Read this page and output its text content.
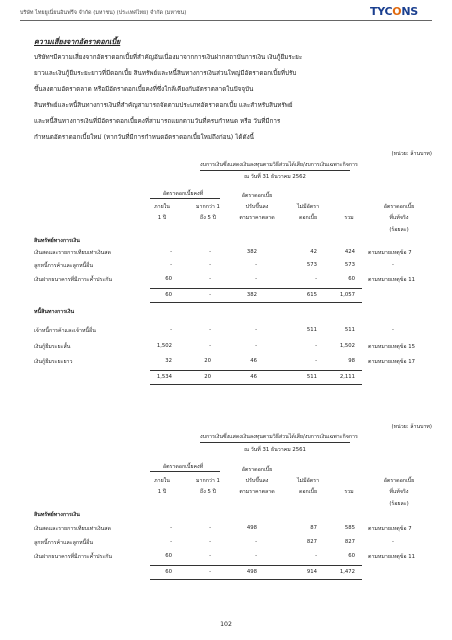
บริษัท ไทยยูเนี่ยนอินฟรีจ จำกัด (มหาชน) (ประเทศไทย) จำกัด (มหาชน)	TYCONS
ความเสี่ยงจากอัตราดอกเบี้ย
บริษัทฯมีความเสี่ยงจากอัตราดอกเบี้ยที่สำคัญอันเนื่องมาจากการเงินฝากสถาบันการเงิน เงินกู้ยืมระยะ
ยาวและเงินกู้ยืมระยะยาวที่มีดอกเบี้ย สินทรัพย์และหนี้สินทางการเงินส่วนใหญ่มีอัตราดอกเบี้ยที่ปรับ
ขึ้นลงตามอัตราตลาด หรือมีอัตราดอกเบี้ยคงที่ซึ่งใกล้เคียงกับอัตราตลาดในปัจจุบัน
สินทรัพย์และหนี้สินทางการเงินที่สำคัญสามารถจัดตามประเภทอัตราดอกเบี้ย และสำหรับสินทรัพย์
และหนี้สินทางการเงินที่มีอัตราดอกเบี้ยคงที่สามารถแยกตามวันที่ครบกำหนด หรือ วันที่มีการ
กำหนดอัตราดอกเบี้ยใหม่ (หากวันที่มีการกำหนดอัตราดอกเบี้ยใหม่ถึงก่อน) ได้ดังนี้
(หน่วย: ล้านบาท)
งบการเงินซึ่งแสดงเงินลงทุนตามวิธีส่วนได้เสีย/งบการเงินเฉพาะกิจการ
ณ วันที่ 31 ธันวาคม 2562
อัตราดอกเบี้ยคงที่	อัตราดอกเบี้ย
ปรับขึ้นลง
ตามราคาตลาด
ภายใน
1 ปี
มากกว่า 1
ถึง 5 ปี
ไม่มีอัตรา
ดอกเบี้ย	รวม
อัตราดอกเบี้ย
ที่แท้จริง
(ร้อยละ)
สินทรัพย์ทางการเงิน
เงินสดและรายการเทียบเท่าเงินสด	-	-	382	42	424 ตามหมายเหตุข้อ 7
ลูกหนี้การค้าและลูกหนี้อื่น	-	-	-	573	573	-
เงินฝากธนาคารที่มีภาระค้ำประกัน	60	-	-	-	60 ตามหมายเหตุข้อ 11
60	-	382	615	1,057
หนี้สินทางการเงิน
เจ้าหนี้การค้าและเจ้าหนี้อื่น	-	-	-	511	511	-
เงินกู้ยืมระยะสั้น	1,502	-	-	-	1,502 ตามหมายเหตุข้อ 15
เงินกู้ยืมระยะยาว	32	20	46	-	98 ตามหมายเหตุข้อ 17
1,534	20	46	511	2,111
(หน่วย: ล้านบาท)
งบการเงินซึ่งแสดงเงินลงทุนตามวิธีส่วนได้เสีย/งบการเงินเฉพาะกิจการ
ณ วันที่ 31 ธันวาคม 2561
อัตราดอกเบี้ยคงที่	อัตราดอกเบี้ย
ปรับขึ้นลง
ตามราคาตลาด
ภายใน
1 ปี
มากกว่า 1
ถึง 5 ปี
ไม่มีอัตรา
ดอกเบี้ย	รวม
อัตราดอกเบี้ย
ที่แท้จริง
(ร้อยละ)
สินทรัพย์ทางการเงิน
เงินสดและรายการเทียบเท่าเงินสด	-	-	498	87	585 ตามหมายเหตุข้อ 7
ลูกหนี้การค้าและลูกหนี้อื่น	-	-	-	827	827	-
เงินฝากธนาคารที่มีภาระค้ำประกัน	60	-	-	-	60 ตามหมายเหตุข้อ 11
60	-	498	914	1,472
102
